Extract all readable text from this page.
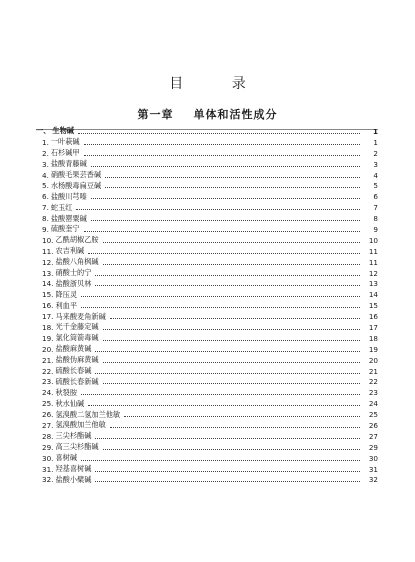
目 录
第一章 单体和活性成分
一、 生物碱	1
1. 一叶萩碱	1
2. 石杉碱甲	2
3. 盐酸青藤碱	3
4. 硝酸毛果芸香碱	4
5. 水杨酸毒扁豆碱	5
6. 盐酸川芎嗪	6
7. 蛇玉红	7
8. 盐酸罂粟碱	8
9. 硫酸奎宁	9
10. 乙酰胡椒乙胺	10
11. 农吉利碱	11
12. 盐酸八角枫碱	11
13. 硝酸士的宁	12
14. 盐酸浙贝林	13
15. 降压灵	14
16. 利血平	15
17. 马来酸麦角新碱	16
18. 光千金藤定碱	17
19. 氯化筒箭毒碱	18
20. 盐酸麻黄碱	19
21. 盐酸伪麻黄碱	20
22. 硫酸长春碱	21
23. 硫酸长春新碱	22
24. 秋裂胺	23
25. 秋水仙碱	24
26. 氢溴酸二氢加兰他敏	25
27. 氢溴酸加兰他敏	26
28. 三尖杉酯碱	27
29. 高三尖杉酯碱	29
30. 喜树碱	30
31. 羟基喜树碱	31
32. 盐酸小檗碱	32
